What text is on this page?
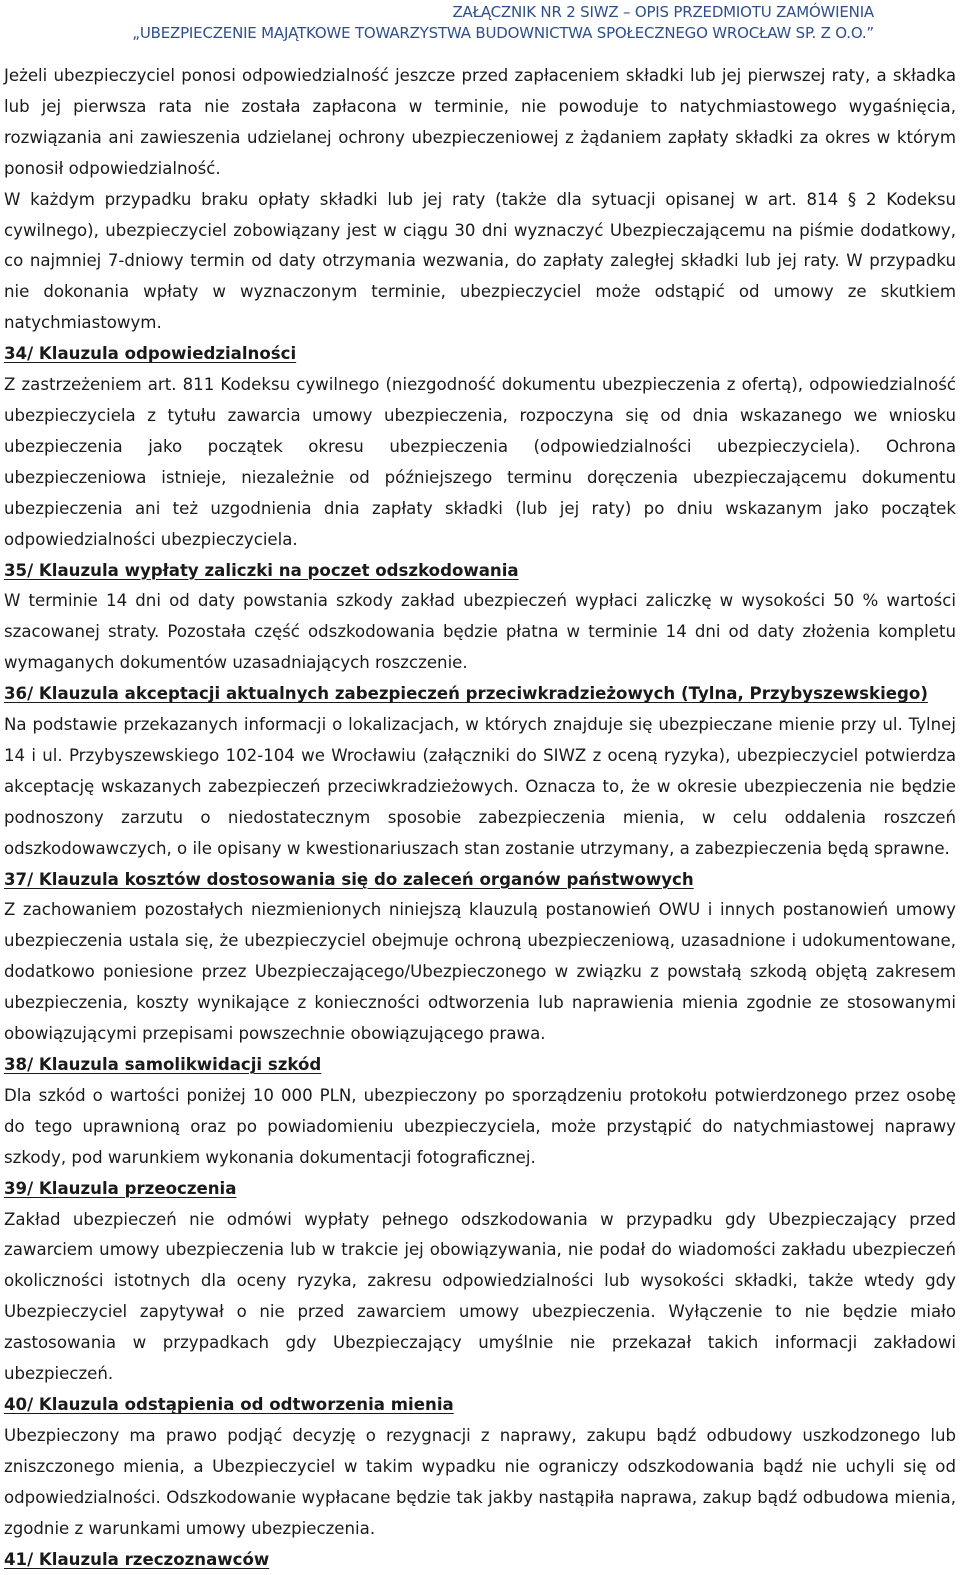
ZAŁĄCZNIK NR 2 SIWZ – OPIS PRZEDMIOTU ZAMÓWIENIA
„UBEZPIECZENIE MAJĄTKOWE TOWARZYSTWA BUDOWNICTWA SPOŁECZNEGO WROCŁAW SP. Z O.O.”

Jeżeli ubezpieczyciel ponosi odpowiedzialność jeszcze przed zapłaceniem składki lub jej pierwszej raty, a składka lub jej pierwsza rata nie została zapłacona w terminie, nie powoduje to natychmiastowego wygaśnięcia, rozwiązania ani zawieszenia udzielanej ochrony ubezpieczeniowej z żądaniem zapłaty składki za okres w którym ponosił odpowiedzialność.

W każdym przypadku braku opłaty składki lub jej raty (także dla sytuacji opisanej w art. 814 § 2 Kodeksu cywilnego), ubezpieczyciel zobowiązany jest w ciągu 30 dni wyznaczyć Ubezpieczającemu na piśmie dodatkowy, co najmniej 7-dniowy termin od daty otrzymania wezwania, do zapłaty zaległej składki lub jej raty. W przypadku nie dokonania wpłaty w wyznaczonym terminie, ubezpieczyciel może odstąpić od umowy ze skutkiem natychmiastowym.

34/ Klauzula odpowiedzialności

Z zastrzeżeniem art. 811 Kodeksu cywilnego (niezgodność dokumentu ubezpieczenia z ofertą), odpowiedzialność ubezpieczyciela z tytułu zawarcia umowy ubezpieczenia, rozpoczyna się od dnia wskazanego we wniosku ubezpieczenia jako początek okresu ubezpieczenia (odpowiedzialności ubezpieczyciela). Ochrona ubezpieczeniowa istnieje, niezależnie od późniejszego terminu doręczenia ubezpieczającemu dokumentu ubezpieczenia ani też uzgodnienia dnia zapłaty składki (lub jej raty) po dniu wskazanym jako początek odpowiedzialności ubezpieczyciela.

35/ Klauzula wypłaty zaliczki na poczet odszkodowania

W terminie 14 dni od daty powstania szkody zakład ubezpieczeń wypłaci zaliczkę w wysokości 50 % wartości szacowanej straty. Pozostała część odszkodowania będzie płatna w terminie 14 dni od daty złożenia kompletu wymaganych dokumentów uzasadniających roszczenie.

36/ Klauzula akceptacji aktualnych zabezpieczeń przeciwkradzieżowych (Tylna, Przybyszewskiego)

Na podstawie przekazanych informacji o lokalizacjach, w których znajduje się ubezpieczane mienie przy ul. Tylnej 14 i ul. Przybyszewskiego 102-104 we Wrocławiu (załączniki do SIWZ z oceną ryzyka), ubezpieczyciel potwierdza akceptację wskazanych zabezpieczeń przeciwkradzieżowych. Oznacza to, że w okresie ubezpieczenia nie będzie podnoszony zarzutu o niedostatecznym sposobie zabezpieczenia mienia, w celu oddalenia roszczeń odszkodowawczych, o ile opisany w kwestionariuszach stan zostanie utrzymany, a zabezpieczenia będą sprawne.

37/ Klauzula kosztów dostosowania się do zaleceń organów państwowych

Z zachowaniem pozostałych niezmienionych niniejszą klauzulą postanowień OWU i innych postanowień umowy ubezpieczenia ustala się, że ubezpieczyciel obejmuje ochroną ubezpieczeniową, uzasadnione i udokumentowane, dodatkowo poniesione przez Ubezpieczającego/Ubezpieczonego w związku z powstałą szkodą objętą zakresem ubezpieczenia, koszty wynikające z konieczności odtworzenia lub naprawienia mienia zgodnie ze stosowanymi obowiązującymi przepisami powszechnie obowiązującego prawa.

38/ Klauzula samolikwidacji szkód

Dla szkód o wartości poniżej 10 000 PLN, ubezpieczony po sporządzeniu protokołu potwierdzonego przez osobę do tego uprawnioną oraz po powiadomieniu ubezpieczyciela, może przystąpić do natychmiastowej naprawy szkody, pod warunkiem wykonania dokumentacji fotograficznej.

39/ Klauzula przeoczenia

Zakład ubezpieczeń nie odmówi wypłaty pełnego odszkodowania w przypadku gdy Ubezpieczający przed zawarciem umowy ubezpieczenia lub w trakcie jej obowiązywania, nie podał do wiadomości zakładu ubezpieczeń okoliczności istotnych dla oceny ryzyka, zakresu odpowiedzialności lub wysokości składki, także wtedy gdy Ubezpieczyciel zapytywał o nie przed zawarciem umowy ubezpieczenia. Wyłączenie to nie będzie miało zastosowania w przypadkach gdy Ubezpieczający umyślnie nie przekazał takich informacji zakładowi ubezpieczeń.

40/ Klauzula odstąpienia od odtworzenia mienia

Ubezpieczony ma prawo podjąć decyzję o rezygnacji z naprawy, zakupu bądź odbudowy uszkodzonego lub zniszczonego mienia, a Ubezpieczyciel w takim wypadku nie ograniczy odszkodowania bądź nie uchyli się od odpowiedzialności. Odszkodowanie wypłacane będzie tak jakby nastąpiła naprawa, zakup bądź odbudowa mienia, zgodnie z warunkami umowy ubezpieczenia.

41/ Klauzula rzeczoznawców
